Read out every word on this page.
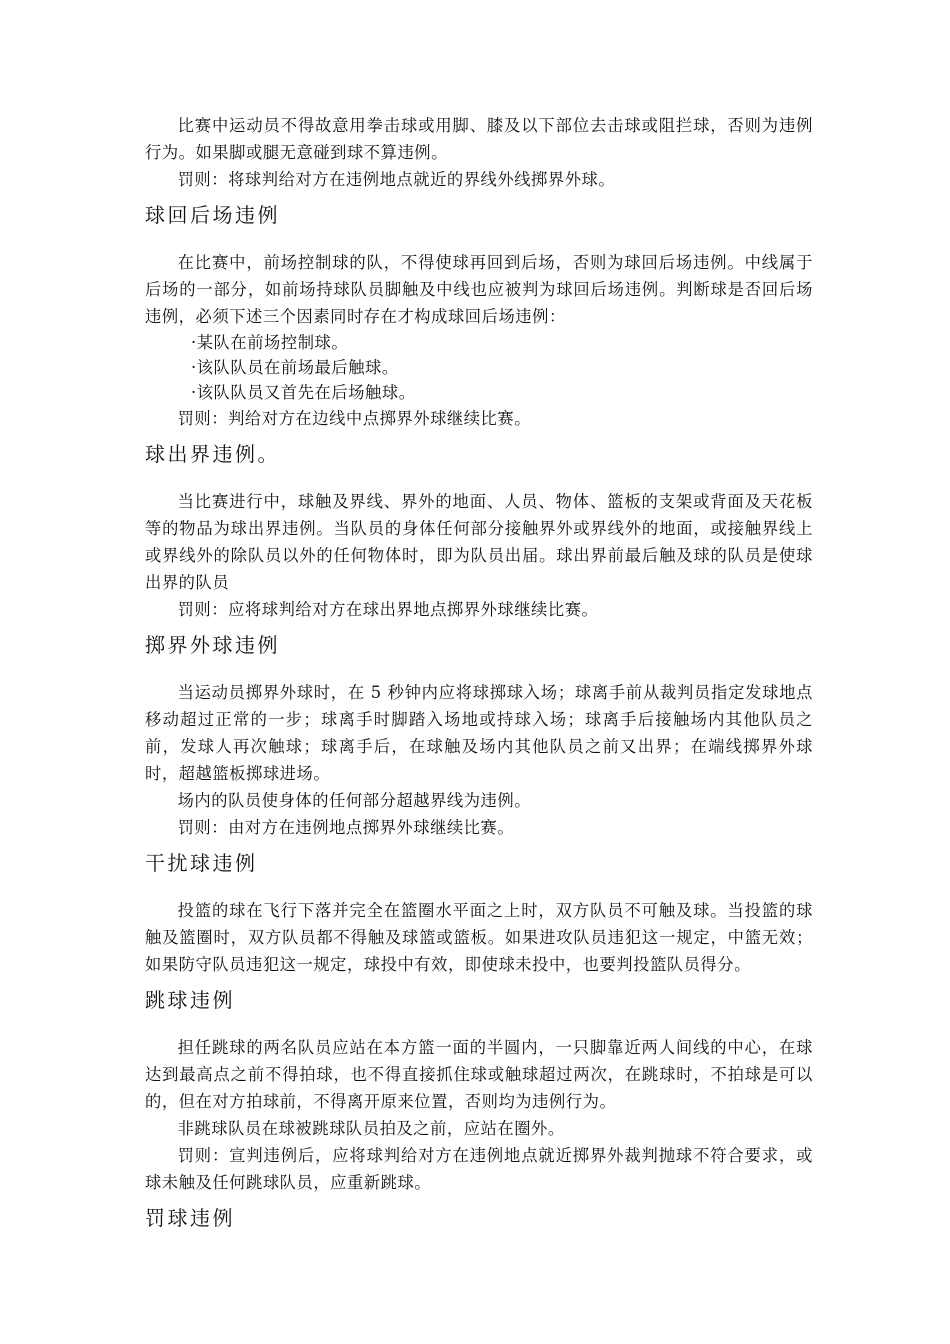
比赛中运动员不得故意用拳击球或用脚、膝及以下部位去击球或阻拦球，否则为违例行为。如果脚或腿无意碰到球不算违例。

罚则：将球判给对方在违例地点就近的界线外线掷界外球。

球回后场违例

在比赛中，前场控制球的队，不得使球再回到后场，否则为球回后场违例。中线属于后场的一部分，如前场持球队员脚触及中线也应被判为球回后场违例。判断球是否回后场违例，必须下述三个因素同时存在才构成球回后场违例：

·某队在前场控制球。

·该队队员在前场最后触球。

·该队队员又首先在后场触球。

罚则：判给对方在边线中点掷界外球继续比赛。

球出界违例。

当比赛进行中，球触及界线、界外的地面、人员、物体、篮板的支架或背面及天花板等的物品为球出界违例。当队员的身体任何部分接触界外或界线外的地面，或接触界线上或界线外的除队员以外的任何物体时，即为队员出届。球出界前最后触及球的队员是使球出界的队员

罚则：应将球判给对方在球出界地点掷界外球继续比赛。

掷界外球违例

当运动员掷界外球时，在 5 秒钟内应将球掷球入场；球离手前从裁判员指定发球地点移动超过正常的一步；球离手时脚踏入场地或持球入场；球离手后接触场内其他队员之前，发球人再次触球；球离手后，在球触及场内其他队员之前又出界；在端线掷界外球时，超越篮板掷球进场。

场内的队员使身体的任何部分超越界线为违例。

罚则：由对方在违例地点掷界外球继续比赛。

干扰球违例

投篮的球在飞行下落并完全在篮圈水平面之上时，双方队员不可触及球。当投篮的球触及篮圈时，双方队员都不得触及球篮或篮板。如果进攻队员违犯这一规定，中篮无效；如果防守队员违犯这一规定，球投中有效，即使球未投中，也要判投篮队员得分。

跳球违例

担任跳球的两名队员应站在本方篮一面的半圆内，一只脚靠近两人间线的中心，在球达到最高点之前不得拍球，也不得直接抓住球或触球超过两次，在跳球时，不拍球是可以的，但在对方拍球前，不得离开原来位置，否则均为违例行为。

非跳球队员在球被跳球队员拍及之前，应站在圈外。

罚则：宣判违例后，应将球判给对方在违例地点就近掷界外裁判抛球不符合要求，或球未触及任何跳球队员，应重新跳球。

罚球违例
